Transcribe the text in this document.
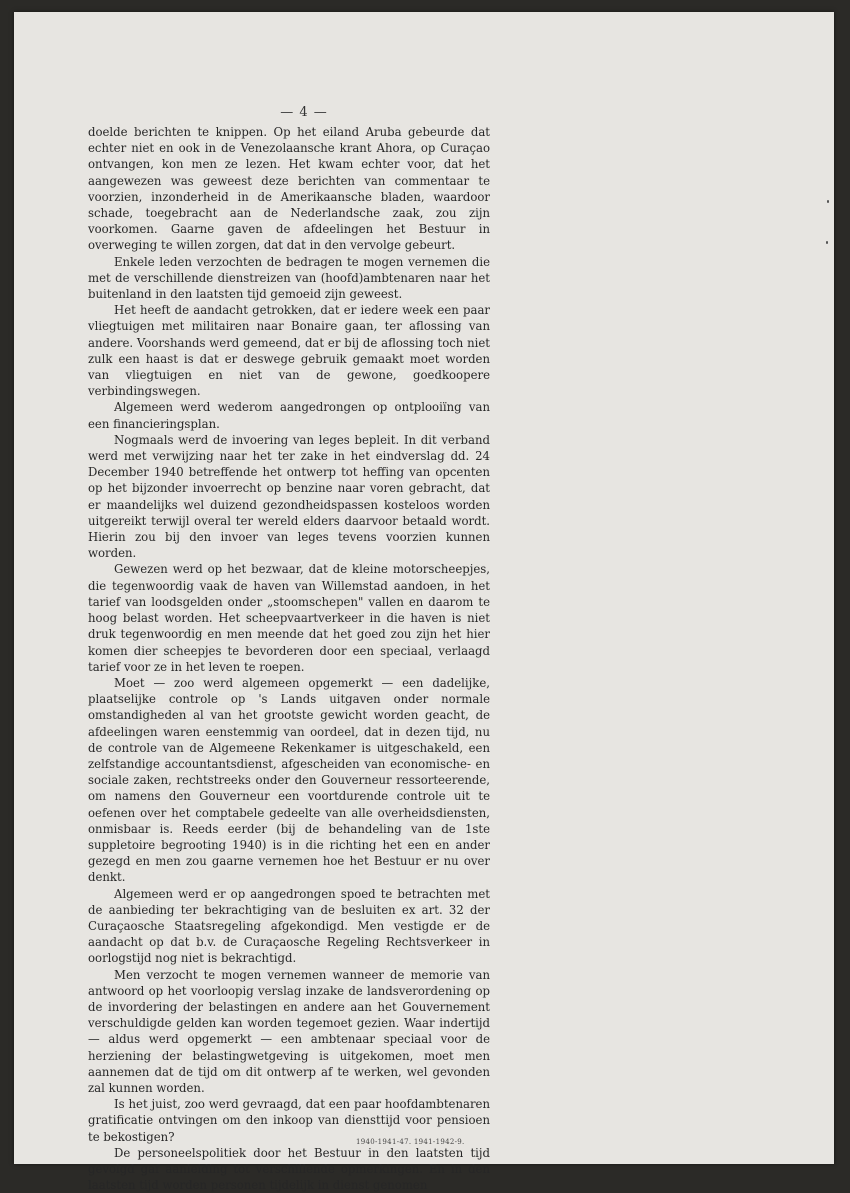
— 4 —

doelde berichten te knippen. Op het eiland Aruba gebeurde dat echter niet en ook in de Venezolaansche krant Ahora, op Curaçao ontvangen, kon men ze lezen. Het kwam echter voor, dat het aangewezen was geweest deze berichten van commentaar te voorzien, inzonderheid in de Amerikaansche bladen, waardoor schade, toegebracht aan de Nederlandsche zaak, zou zijn voorkomen. Gaarne gaven de afdeelingen het Bestuur in overweging te willen zorgen, dat dat in den vervolge gebeurt.

Enkele leden verzochten de bedragen te mogen vernemen die met de verschillende dienstreizen van (hoofd)ambtenaren naar het buitenland in den laatsten tijd gemoeid zijn geweest.

Het heeft de aandacht getrokken, dat er iedere week een paar vliegtuigen met militairen naar Bonaire gaan, ter aflossing van andere. Voorshands werd gemeend, dat er bij de aflossing toch niet zulk een haast is dat er deswege gebruik gemaakt moet worden van vliegtuigen en niet van de gewone, goedkoopere verbindingswegen.

Algemeen werd wederom aangedrongen op ontplooiïng van een financieringsplan.

Nogmaals werd de invoering van leges bepleit. In dit verband werd met verwijzing naar het ter zake in het eindverslag dd. 24 December 1940 betreffende het ontwerp tot heffing van opcenten op het bijzonder invoerrecht op benzine naar voren gebracht, dat er maandelijks wel duizend gezondheidspassen kosteloos worden uitgereikt terwijl overal ter wereld elders daarvoor betaald wordt. Hierin zou bij den invoer van leges tevens voorzien kunnen worden.

Gewezen werd op het bezwaar, dat de kleine motorscheepjes, die tegenwoordig vaak de haven van Willemstad aandoen, in het tarief van loodsgelden onder „stoomschepen" vallen en daarom te hoog belast worden. Het scheepvaartverkeer in die haven is niet druk tegenwoordig en men meende dat het goed zou zijn het hier komen dier scheepjes te bevorderen door een speciaal, verlaagd tarief voor ze in het leven te roepen.

Moet — zoo werd algemeen opgemerkt — een dadelijke, plaatselijke controle op 's Lands uitgaven onder normale omstandigheden al van het grootste gewicht worden geacht, de afdeelingen waren eenstemmig van oordeel, dat in dezen tijd, nu de controle van de Algemeene Rekenkamer is uitgeschakeld, een zelfstandige accountantsdienst, afgescheiden van economische- en sociale zaken, rechtstreeks onder den Gouverneur ressorteerende, om namens den Gouverneur een voortdurende controle uit te oefenen over het comptabele gedeelte van alle overheidsdiensten, onmisbaar is. Reeds eerder (bij de behandeling van de 1ste suppletoire begrooting 1940) is in die richting het een en ander gezegd en men zou gaarne vernemen hoe het Bestuur er nu over denkt.

Algemeen werd er op aangedrongen spoed te betrachten met de aanbieding ter bekrachtiging van de besluiten ex art. 32 der Curaçaosche Staatsregeling afgekondigd. Men vestigde er de aandacht op dat b.v. de Curaçaosche Regeling Rechtsverkeer in oorlogstijd nog niet is bekrachtigd.

Men verzocht te mogen vernemen wanneer de memorie van antwoord op het voorloopig verslag inzake de landsverordening op de invordering der belastingen en andere aan het Gouvernement verschuldigde gelden kan worden tegemoet gezien. Waar indertijd — aldus werd opgemerkt — een ambtenaar speciaal voor de herziening der belastingwetgeving is uitgekomen, moet men aannemen dat de tijd om dit ontwerp af te werken, wel gevonden zal kunnen worden.

Is het juist, zoo werd gevraagd, dat een paar hoofdambtenaren gratificatie ontvingen om den inkoop van diensttijd voor pensioen te bekostigen?

De personeelspolitiek door het Bestuur in den laatsten tijd gevolgd gaf aanleiding tot verschillende opmerkingen. En in den laatsten tijd worden personen tijdelijk in dienst genomen

1940-1941-47. 1941-1942-9.
